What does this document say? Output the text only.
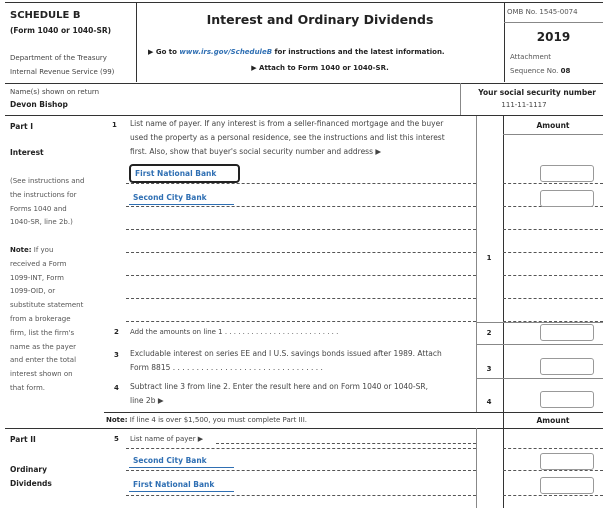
SCHEDULE B
(Form 1040 or 1040-SR)
Department of the Treasury
Internal Revenue Service (99)
Interest and Ordinary Dividends
▶ Go to www.irs.gov/ScheduleB for instructions and the latest information.
▶ Attach to Form 1040 or 1040-SR.
OMB No. 1545-0074
2019
Attachment
Sequence No. 08
Name(s) shown on return
Devon Bishop
Your social security number
111-11-1117
Part I
Interest
(See instructions and
the instructions for
Forms 1040 and
1040-SR, line 2b.)
Note: If you
received a Form
1099-INT, Form
1099-OID, or
substitute statement
from a brokerage
firm, list the firm's
name as the payer
and enter the total
interest shown on
that form.
Amount
1 List name of payer. If any interest is from a seller-financed mortgage and the buyer
used the property as a personal residence, see the instructions and list this interest
first. Also, show that buyer's social security number and address ▶
First National Bank
Second City Bank
1
2 Add the amounts on line 1 . . . . . . . . . . . . . . . . . . . . . . . . . .	2
3 Excludable interest on series EE and I U.S. savings bonds issued after 1989. Attach
Form 8815 . . . . . . . . . . . . . . . . . . . . . . . . . . . . . . . .	3
4 Subtract line 3 from line 2. Enter the result here and on Form 1040 or 1040-SR,
line 2b ▶	4
Note: If line 4 is over $1,500, you must complete Part III.	Amount
Part II
Ordinary
Dividends
5 List name of payer ▶
Second City Bank
First National Bank
